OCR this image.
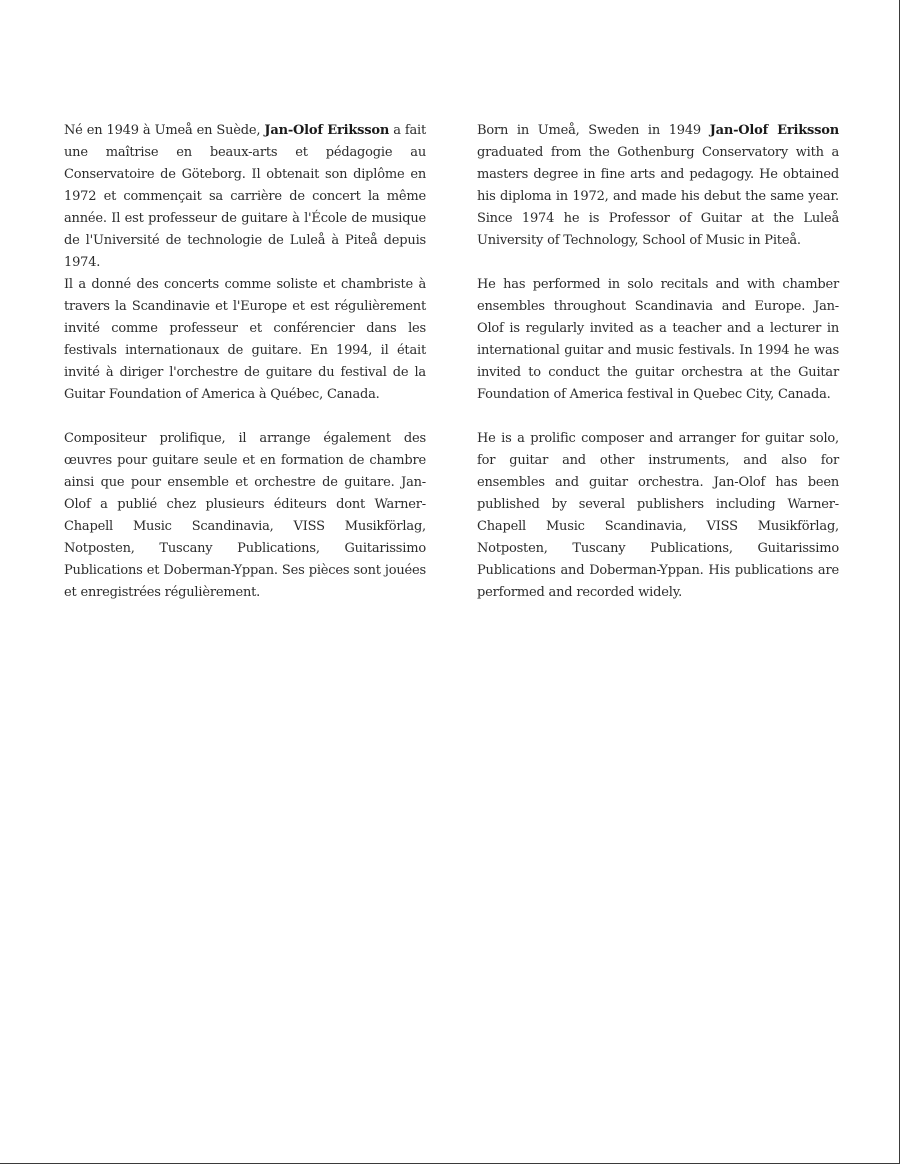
Né en 1949 à Umeå en Suède, Jan-Olof Eriksson a fait une maîtrise en beaux-arts et pédagogie au Conservatoire de Göteborg. Il obtenait son diplôme en 1972 et commençait sa carrière de concert la même année. Il est professeur de guitare à l'École de musique de l'Université de technologie de Luleå à Piteå depuis 1974.

Il a donné des concerts comme soliste et chambriste à travers la Scandinavie et l'Europe et est régulièrement invité comme professeur et conférencier dans les festivals internationaux de guitare. En 1994, il était invité à diriger l'orchestre de guitare du festival de la Guitar Foundation of America à Québec, Canada.

Compositeur prolifique, il arrange également des œuvres pour guitare seule et en formation de chambre ainsi que pour ensemble et orchestre de guitare. Jan-Olof a publié chez plusieurs éditeurs dont Warner-Chapell Music Scandinavia, VISS Musikförlag, Notposten, Tuscany Publications, Guitarissimo Publications et Doberman-Yppan. Ses pièces sont jouées et enregistrées régulièrement.

Born in Umeå, Sweden in 1949 Jan-Olof Eriksson graduated from the Gothenburg Conservatory with a masters degree in fine arts and pedagogy. He obtained his diploma in 1972, and made his debut the same year. Since 1974 he is Professor of Guitar at the Luleå University of Technology, School of Music in Piteå.

He has performed in solo recitals and with chamber ensembles throughout Scandinavia and Europe. Jan-Olof is regularly invited as a teacher and a lecturer in international guitar and music festivals. In 1994 he was invited to conduct the guitar orchestra at the Guitar Foundation of America festival in Quebec City, Canada.

He is a prolific composer and arranger for guitar solo, for guitar and other instruments, and also for ensembles and guitar orchestra. Jan-Olof has been published by several publishers including Warner-Chapell Music Scandinavia, VISS Musikförlag, Notposten, Tuscany Publications, Guitarissimo Publications and Doberman-Yppan. His publications are performed and recorded widely.
